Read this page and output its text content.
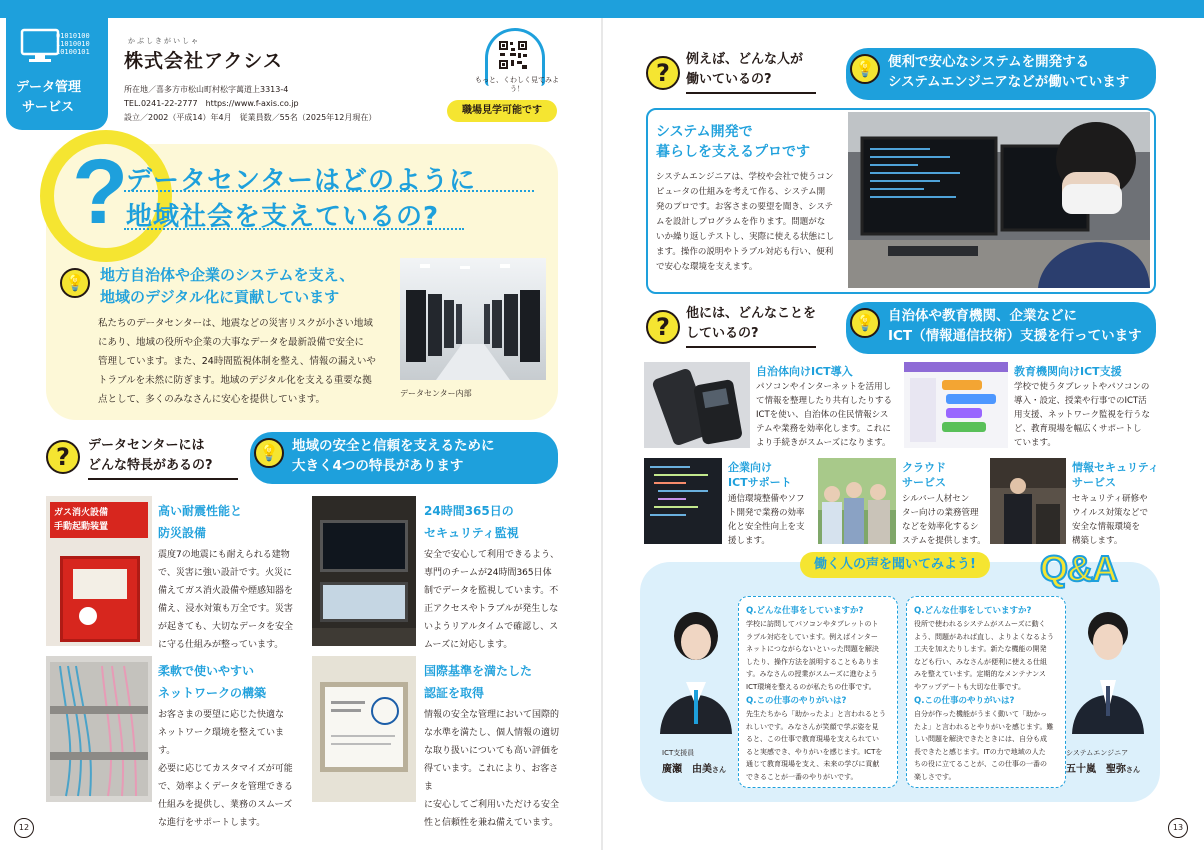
01010100
11010010
10100101
データ管理
サービス
かぶしきがいしゃ
株式会社アクシス
所在地／喜多方市松山町村松字萬道上3313-4
TEL.0241-22-2777　https://www.f-axis.co.jp
設立／2002（平成14）年4月　従業員数／55名（2025年12月現在）
もっと、くわしく見てみよう！
職場見学可能です
?
データセンターはどのように
地域社会を支えているの?
💡	地方自治体や企業のシステムを支え、
地域のデジタル化に貢献しています
私たちのデータセンターは、地震などの災害リスクが小さい地域
にあり、地域の役所や企業の大事なデータを最新設備で安全に
管理しています。また、24時間監視体制を整え、情報の漏えいや
トラブルを未然に防ぎます。地域のデジタル化を支える重要な拠
点として、多くのみなさんに安心を提供しています。
データセンター内部
?	データセンターには
どんな特長があるの?
💡 地域の安全と信頼を支えるために
大きく4つの特長があります
ガス消火設備
手動起動装置
高い耐震性能と
防災設備
震度7の地震にも耐えられる建物
で、災害に強い設計です。火災に
備えてガス消火設備や煙感知器を
備え、浸水対策も万全です。災害
が起きても、大切なデータを安全
に守る仕組みが整っています。
24時間365日の
セキュリティ監視
安全で安心して利用できるよう、
専門のチームが24時間365日体
制でデータを監視しています。不
正アクセスやトラブルが発生しな
いようリアルタイムで確認し、ス
ムーズに対応します。
柔軟で使いやすい
ネットワークの構築
お客さまの要望に応じた快適な
ネットワーク環境を整えています。
必要に応じてカスタマイズが可能
で、効率よくデータを管理できる
仕組みを提供し、業務のスムーズ
な進行をサポートします。
国際基準を満たした
認証を取得
情報の安全な管理において国際的
な水準を満たし、個人情報の適切
な取り扱いについても高い評価を
得ています。これにより、お客さま
に安心してご利用いただける安全
性と信頼性を兼ね備えています。
12
?	例えば、どんな人が
働いているの?
💡 便利で安心なシステムを開発する
システムエンジニアなどが働いています
システム開発で
暮らしを支えるプロです
システムエンジニアは、学校や会社で使うコン
ピュータの仕組みを考えて作る、システム開
発のプロです。お客さまの要望を聞き、システ
ムを設計しプログラムを作ります。問題がな
いか繰り返しテストし、実際に使える状態にし
ます。操作の説明やトラブル対応も行い、便利
で安心な環境を支えます。
?	他には、どんなことを
しているの?
💡 自治体や教育機関、企業などに
ICT（情報通信技術）支援を行っています
自治体向けICT導入
パソコンやインターネットを活用し
て情報を整理したり共有したりする
ICTを使い、自治体の住民情報シス
テムや業務を効率化します。これに
より手続きがスムーズになります。
教育機関向けICT支援
学校で使うタブレットやパソコンの
導入・設定、授業や行事でのICT活
用支援、ネットワーク監視を行うな
ど、教育現場を幅広くサポートし
ています。
企業向け
ICTサポート
通信環境整備やソフ
ト開発で業務の効率
化と安全性向上を支
援します。
クラウド
サービス
シルバー人材セン
ター向けの業務管理
などを効率化するシ
ステムを提供します。
情報セキュリティ
サービス
セキュリティ研修や
ウイルス対策などで
安全な情報環境を
構築します。
働く人の声を聞いてみよう!	Q&A
ICT支援員
廣瀬　由美さん
Q.どんな仕事をしていますか?
学校に訪問してパソコンやタブレットのト
ラブル対応をしています。例えばインター
ネットにつながらないといった問題を解決
したり、操作方法を説明することもありま
す。みなさんの授業がスムーズに進むよう
ICT環境を整えるのが私たちの仕事です。
Q.この仕事のやりがいは?
先生たちから「助かったよ」と言われるとう
れしいです。みなさんが笑顔で学ぶ姿を見
ると、この仕事で教育現場を支えられてい
ると実感でき、やりがいを感じます。ICTを
通じて教育現場を支え、未来の学びに貢献
できることが一番のやりがいです。
Q.どんな仕事をしていますか?
役所で使われるシステムがスムーズに動く
よう、問題があれば直し、よりよくなるよう
工夫を加えたりします。新たな機能の開発
なども行い、みなさんが便利に使える仕組
みを整えています。定期的なメンテナンス
やアップデートも大切な仕事です。
Q.この仕事のやりがいは?
自分が作った機能がうまく動いて「助かっ
たよ」と言われるとやりがいを感じます。難
しい問題を解決できたときには、自分も成
長できたと感じます。ITの力で地域の人た
ちの役に立てることが、この仕事の一番の
楽しさです。
システムエンジニア
五十嵐　聖弥さん
13
